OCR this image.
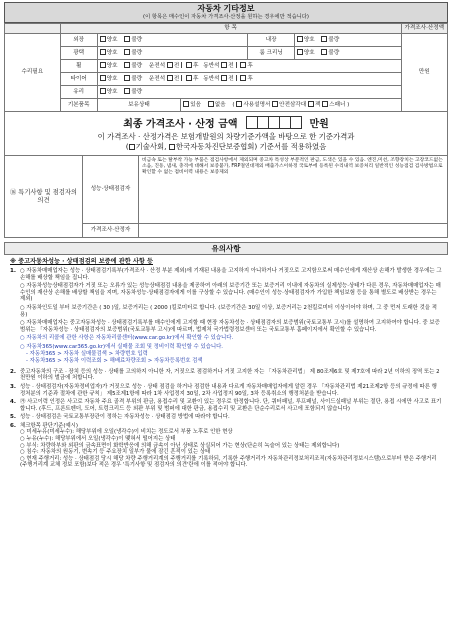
자동차 기타정보
(이 항목은 매수인이 자동차 가격조사·산정을 원하는 경우에만 적습니다)
	항 목					가격조사·산정액
수리필요	외장	양호 불량		내장	양호 불량	만원
	광택	양호 불량		룸 크리닝	양호 불량	
	휠	양호 불량 운전석 전 후 동반석 전 후				
	타이어	양호 불량 운전석 전 후 동반석 전 후				
	유리	양호 불량				
	기본품목	보유상태	있음 없음 ( 사용설명서 안전삼각대 잭 스패너 )			
최종 가격조사 · 산정 금액	만원
이 가격조사 · 산정가격은 보험개발원의 차량기준가액을 바탕으로 한 기준가격과
( 기술사회, 한국자동차진단보증협회) 기준서를 적용하였음
⑯ 특기사항 및 점검자의 의견	성능·상태점검자	비금속 또는 탈부착 가능 부품은 점검사항에서 제외되며 중고차 특성상 부분적인 판금, 도색은 있을 수 있음. 엔진,미션, 조향장치는 고장코드없는 소음, 진동, 냄새, 충격에 대해서 보증불가, FRP절연대재외 배출가스이하정 국토부에 등록된 수리내역 보증처리 일반적인 성능점검 검사방법으로 확인할 수 없는 점비이력 내용은 보증제외
	가격조사·산정자	
유의사항
※ 중고자동차성능 · 상태점검의 보증에 관한 사항 등
1. ○ 자동차매매업자는 성능 · 상태점검기록부(가격조사 · 산정 부분 제외)에 기재된 내용을 고지하지 아니하거나 거짓으로 고지함으로써 매수인에게 재산상 손해가 발생한 경우에는 그 손해를 배상할 책임을 집니다.
○ 자동차성능상태점검자가 거짓 또는 오류가 있는 성능상태점검 내용을 제공하여 아래의 보증기간 또는 보증거리 이내에 자동차의 실제성능·상태가 다른 경우, 자동차매매업자는 매수인의 재산상 손해를 배상할 책임을 지며, 자동차성능·상태점검자에게 이를 구상할 수 있습니다. (매수인이 성능·상태점검자가 가입한 책임보험 등을 통해 별도로 배상받는 경우는 제외)
○ 자동차인도일 부터 보증기간은 ( 30 )일, 보증거리는 ( 2000 )킬로미터로 합니다. (보증기간은 30일 이상, 보증거리는 2천킬로미터 이상이어야 하며, 그 중 먼저 도래한 것을 적용)
○ 자동차매매업자는 중고자동차성능 · 상태점검기록부를 매수인에게 고지할 때 현장 자동차성능 · 상태점검자의 보증범위(국토교통부 고시)를 설명하여 고지하여야 합니다. 중 보증범위는 「자동차성능 · 상태점검자의 보증범위(국토교통부 고시)에 따르며, 법제처 국가법령정보센터 또는 국토교통부 홈페이지에서 확인할 수 있습니다.
○ 자동차의 리콜에 관한 사항은 자동차리콜센터(www.car.go.kr)에서 확인할 수 있습니다.
○ 자동차365(www.car365.go.kr)에서 실매물 조회 및 정비이력 확인할 수 있습니다.
- 자동차365 > 자동차 실매물검색 > 차량번호 입력
- 자동차365 > 자동차 이력조회 > 해배료차량조회 > 자동차등록번호 검색
2. 중고자동차의 구조 · 장치 등의 성능 · 상태를 고의하지 아니한 자, 거짓으로 점검하거나 거짓 고지한 자는 「자동차관리법」 제 80조제6호 및 제7호에 따라 2년 이하의 징역 또는 2천만원 이하의 벌금에 처합니다.
3. 성능 · 상태점검자(자동차정비업자)가 거짓으로 성능 · 상태 점검을 하거나 점검한 내용과 다르게 자동차매매업자에게 알린 경우 「자동차관리법 제21조제2항 등의 규정에 따른 행정처분의 기준과 절차에 관한 규칙」 제5조제1항에 따라 1차 사업정지 30일, 2차 사업정지 90일, 3차 등록취소의 행정처분을 받습니다.
4. ㉮ 사고이력 인정은 사고로 자동차 주요 골격 부위의 판금, 용접수리 및 교환이 있는 경우로 한정합니다. 단, 쿼터패널, 루프패널, 사이드실패널 부위는 절단, 용접 시에만 사고로 표기합니다. (후드, 프론트펜더, 도어, 트렁크리드 등 외판 부위 및 범퍼에 대한 판금, 용접수리 및 교환은 단순수리로서 사고에 포함되지 않습니다)
5. 성능 · 상태점검은 국토교통부장관이 정하는 자동차성능 · 상태점검 방법에 따라야 합니다.
6. 체크항목 판단기준(예시)
○ 미세누유(미세누수): 해당부위에 오일(냉각수)이 비치는 정도로서 부품 노후로 인한 현상
○ 누유(누수): 해당부위에서 오일(냉각수)이 맺혀서 떨어지는 상태
○ 부식: 차량하부와 외판의 금속표면이 화학반응에 의해 금속이 아닌 상태로 상실되어 가는 현상(단순히 녹슬어 있는 상태는 제외합니다)
○ 침수: 자동차의 원동기, 변속기 등 주요장치 일부가 물에 잠긴 흔적이 있는 상태
○ 현재 주행거리: 성능 · 상태점검 당시 해당 차량 주행거리계의 주행거리를 기록하되, 기록한 주행거리가 자동차관리정보처리조직(자동차관리정보시스템)으로부터 받은 주행거리(주행거리계 교체 정보 포함)보다 적은 경우 '특기사항 및 점검자의 의견'란에 이를 적어야 합니다.
